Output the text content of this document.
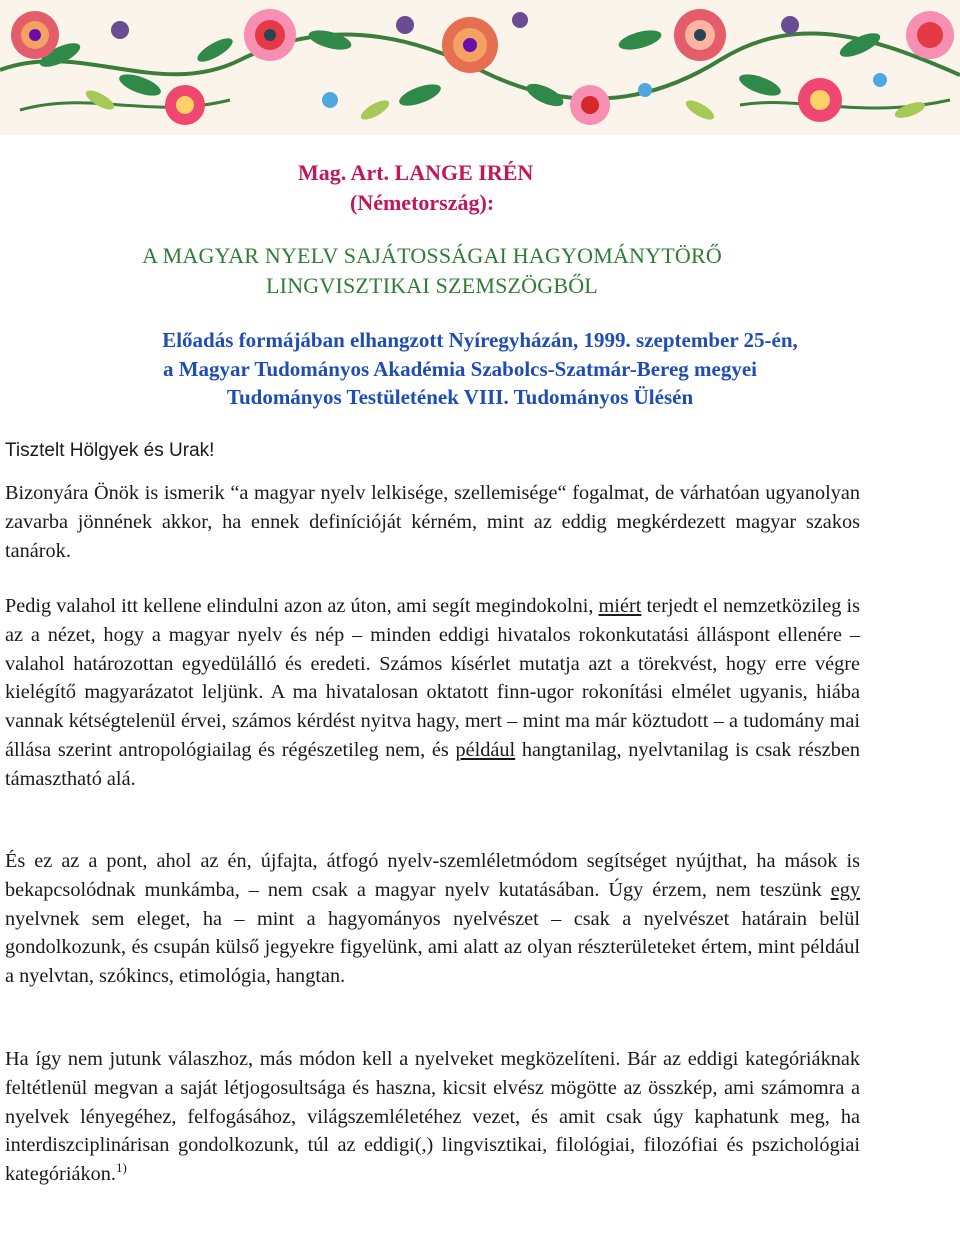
Mag. Art. LANGE IRÉN
(Németország):
A MAGYAR NYELV SAJÁTOSSÁGAI HAGYOMÁNYTÖRŐ
LINGVISZTIKAI SZEMSZÖGBŐL
Előadás formájában elhangzott Nyíregyházán, 1999. szeptember 25-én,
a Magyar Tudományos Akadémia Szabolcs-Szatmár-Bereg megyei
Tudományos Testületének VIII. Tudományos Ülésén
Tisztelt Hölgyek és Urak!

Bizonyára Önök is ismerik “a magyar nyelv lelkisége, szellemisége“ fogalmat, de várhatóan ugyanolyan zavarba jönnének akkor, ha ennek definícióját kérném, mint az eddig megkérdezett magyar szakos tanárok.

Pedig valahol itt kellene elindulni azon az úton, ami segít megindokolni, miért terjedt el nemzetközileg is az a nézet, hogy a magyar nyelv és nép – minden eddigi hivatalos rokonkutatási álláspont ellenére – valahol határozottan egyedülálló és eredeti. Számos kísérlet mutatja azt a törekvést, hogy erre végre kielégítő magyarázatot leljünk. A ma hivatalosan oktatott finn-ugor rokonítási elmélet ugyanis, hiába vannak kétségtelenül érvei, számos kérdést nyitva hagy, mert – mint ma már köztudott – a tudomány mai állása szerint antropológiailag és régészetileg nem, és például hangtanilag, nyelvtanilag is csak részben támasztható alá.

És ez az a pont, ahol az én, újfajta, átfogó nyelv-szemléletmódom segítséget nyújthat, ha mások is bekapcsolódnak munkámba, – nem csak a magyar nyelv kutatásában. Úgy érzem, nem teszünk egy nyelvnek sem eleget, ha – mint a hagyományos nyelvészet – csak a nyelvészet határain belül gondolkozunk, és csupán külső jegyekre figyelünk, ami alatt az olyan részterületeket értem, mint például a nyelvtan, szókincs, etimológia, hangtan.

Ha így nem jutunk válaszhoz, más módon kell a nyelveket megközelíteni. Bár az eddigi kategóriáknak feltétlenül megvan a saját létjogosultsága és haszna, kicsit elvész mögötte az összkép, ami számomra a nyelvek lényegéhez, felfogásához, világszemléletéhez vezet, és amit csak úgy kaphatunk meg, ha interdiszciplinárisan gondolkozunk, túl az eddigi(,) lingvisztikai, filológiai, filozófiai és pszichológiai kategóriákon.$^{1)}$
